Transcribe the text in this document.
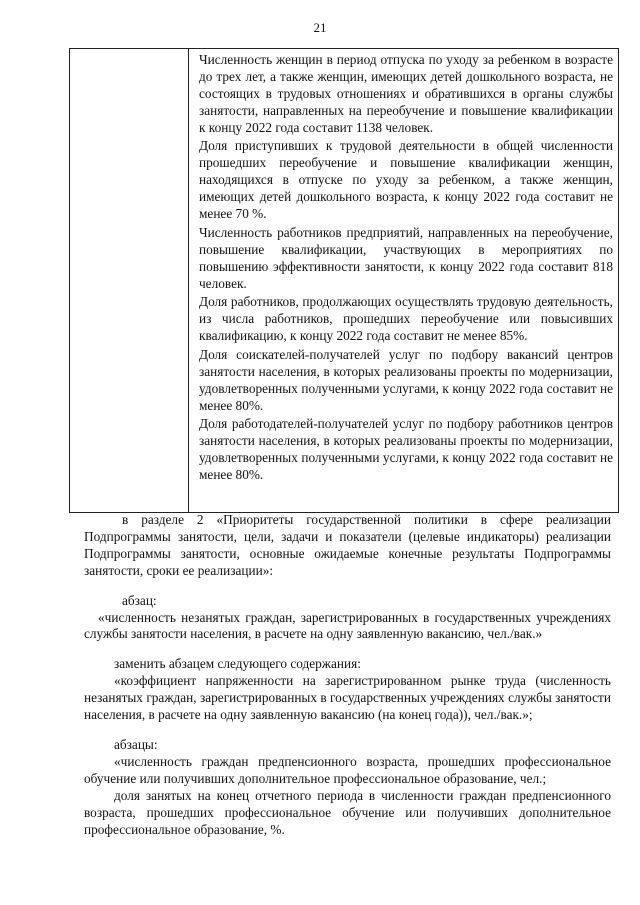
21

Численность женщин в период отпуска по уходу за ребенком в возрасте до трех лет, а также женщин, имеющих детей дошкольного возраста, не состоящих в трудовых отношениях и обратившихся в органы службы занятости, направленных на переобучение и повышение квалификации к концу 2022 года составит 1138 человек.

Доля приступивших к трудовой деятельности в общей численности прошедших переобучение и повышение квалификации женщин, находящихся в отпуске по уходу за ребенком, а также женщин, имеющих детей дошкольного возраста, к концу 2022 года составит не менее 70 %.

Численность работников предприятий, направленных на переобучение, повышение квалификации, участвующих в мероприятиях по повышению эффективности занятости, к концу 2022 года составит 818 человек.

Доля работников, продолжающих осуществлять трудовую деятельность, из числа работников, прошедших переобучение или повысивших квалификацию, к концу 2022 года составит не менее 85%.

Доля соискателей-получателей услуг по подбору вакансий центров занятости населения, в которых реализованы проекты по модернизации, удовлетворенных полученными услугами, к концу 2022 года составит не менее 80%.

Доля работодателей-получателей услуг по подбору работников центров занятости населения, в которых реализованы проекты по модернизации, удовлетворенных полученными услугами, к концу 2022 года составит не менее 80%.

в разделе 2 «Приоритеты государственной политики в сфере реализации Подпрограммы занятости, цели, задачи и показатели (целевые индикаторы) реализации Подпрограммы занятости, основные ожидаемые конечные результаты Подпрограммы занятости, сроки ее реализации»:

абзац:

«численность незанятых граждан, зарегистрированных в государственных учреждениях службы занятости населения, в расчете на одну заявленную вакансию, чел./вак.»

заменить абзацем следующего содержания:

«коэффициент напряженности на зарегистрированном рынке труда (численность незанятых граждан, зарегистрированных в государственных учреждениях службы занятости населения, в расчете на одну заявленную вакансию (на конец года)), чел./вак.»;

абзацы:

«численность граждан предпенсионного возраста, прошедших профессиональное обучение или получивших дополнительное профессиональное образование, чел.;

доля занятых на конец отчетного периода в численности граждан предпенсионного возраста, прошедших профессиональное обучение или получивших дополнительное профессиональное образование, %.
